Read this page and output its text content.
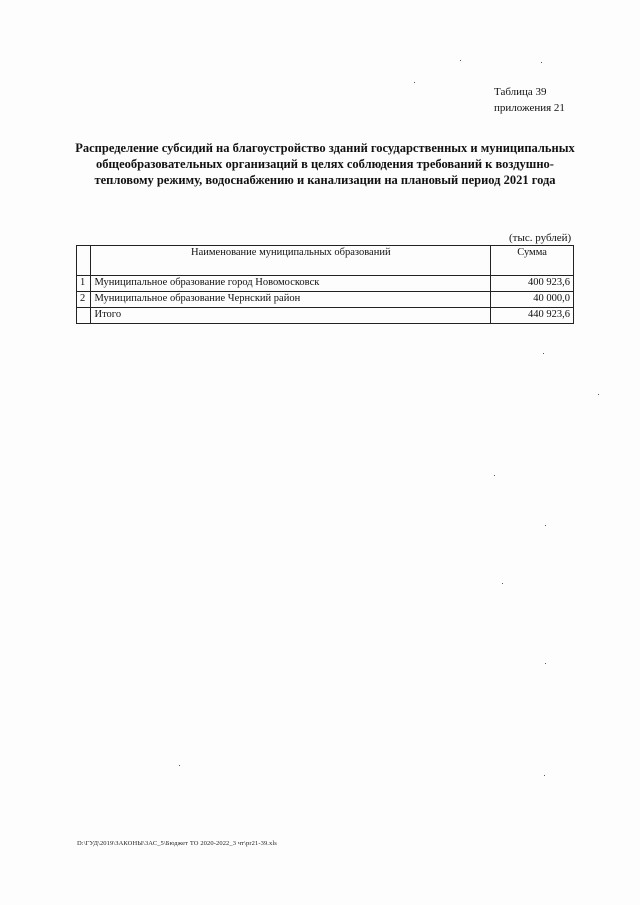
Таблица 39
приложения 21
Распределение субсидий на благоустройство зданий государственных и муниципальных общеобразовательных организаций в целях соблюдения требований к воздушно-тепловому режиму, водоснабжению и канализации на плановый период 2021 года
(тыс. рублей)
	Наименование муниципальных образований	Сумма
1	Муниципальное образование город Новомосковск	400 923,6
2	Муниципальное образование Чернский район	40 000,0
	Итого	440 923,6
D:\ГУД\2019\ЗАКОНЫ\3АС_5\Бюджет ТО 2020-2022_3 чт\pr21-39.xls
